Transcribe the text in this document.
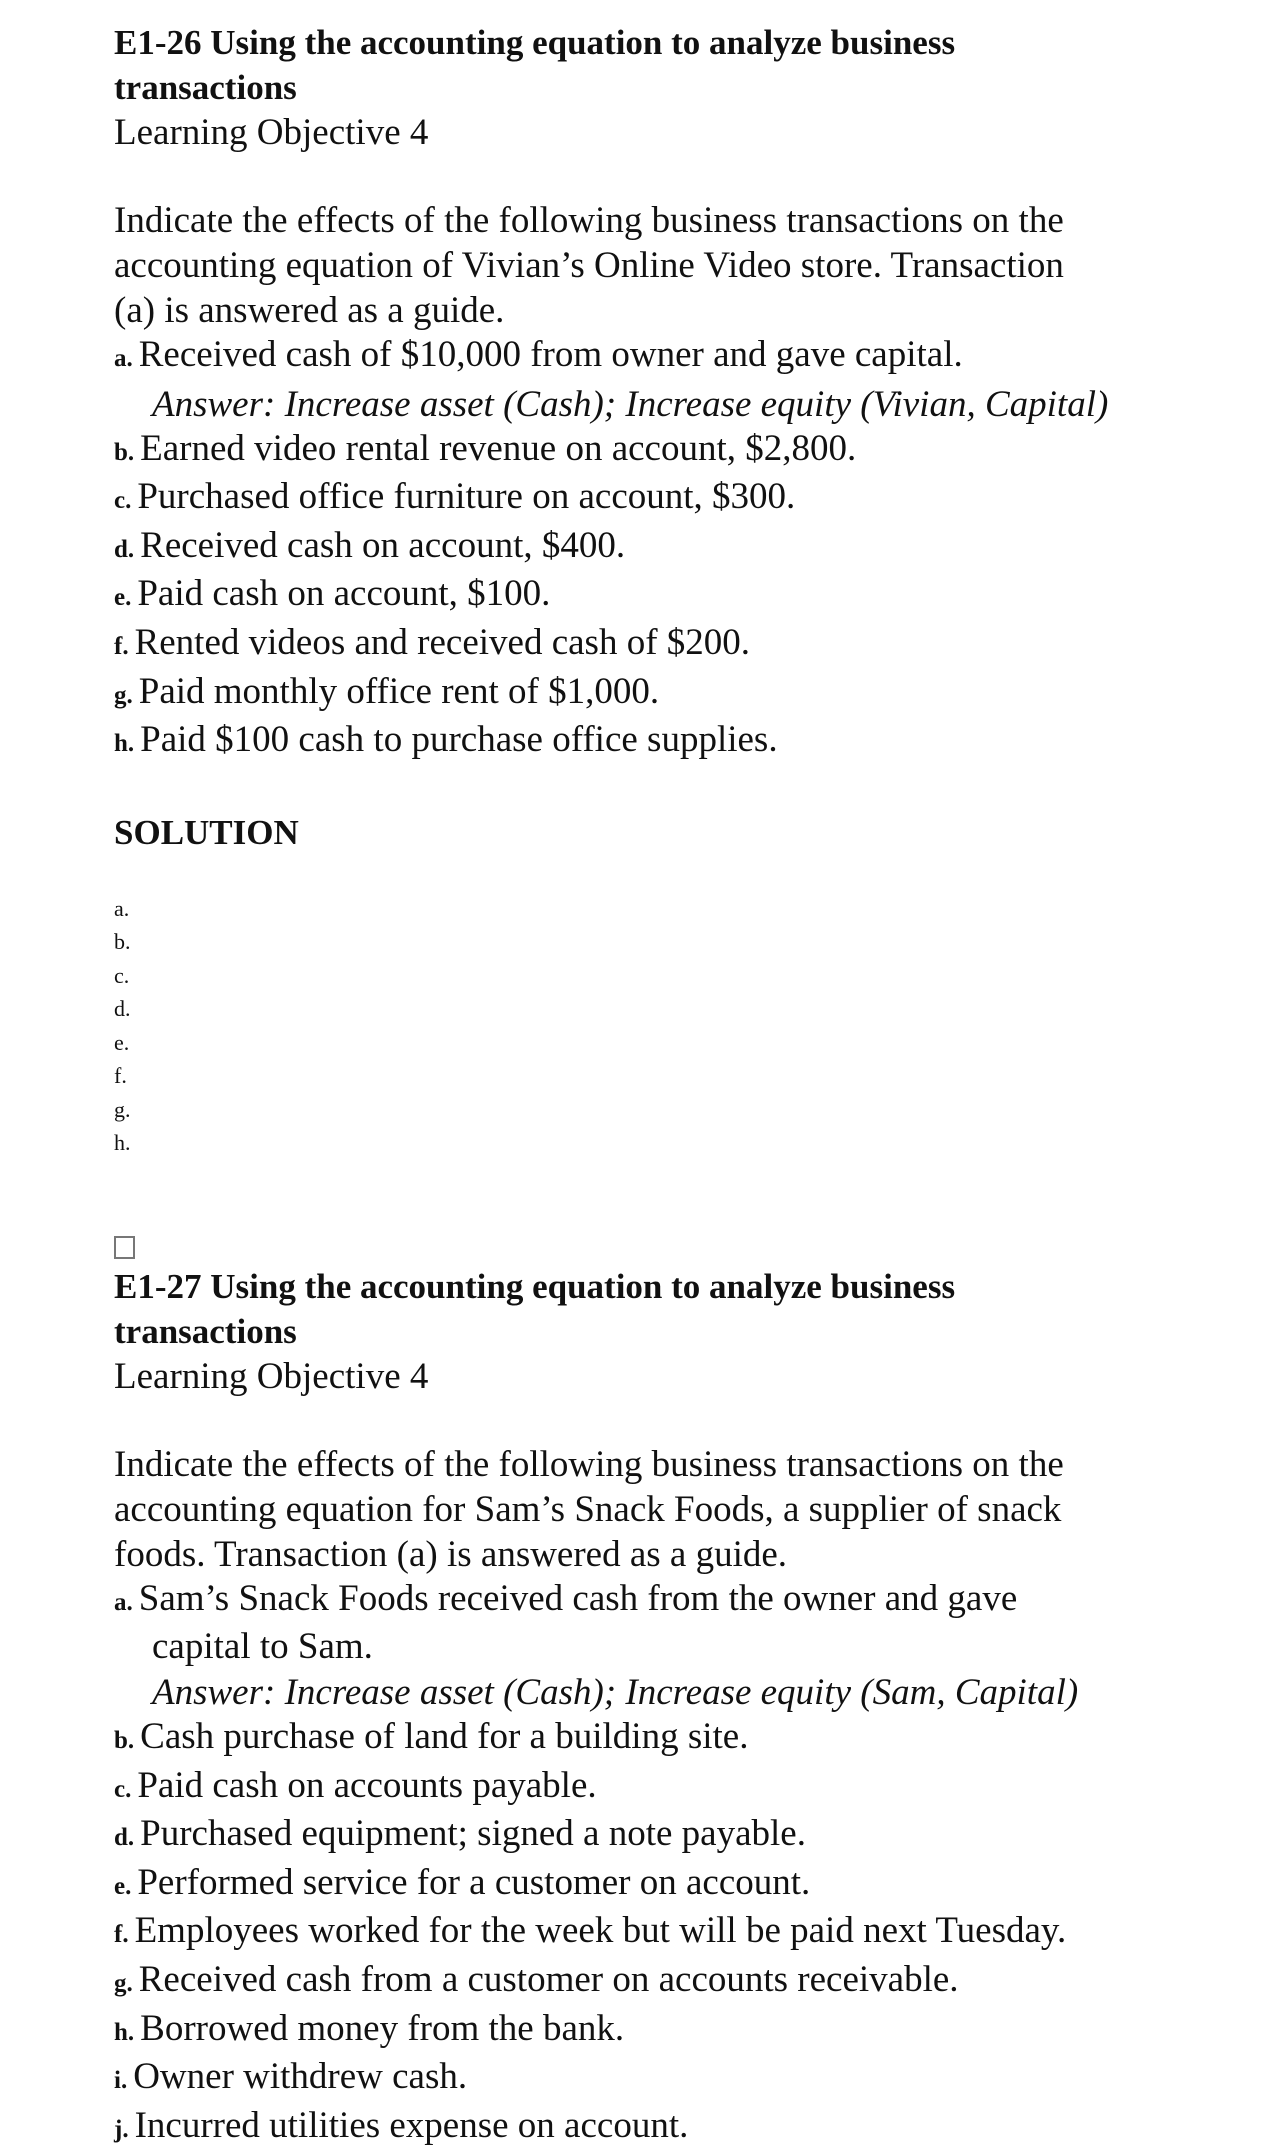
E1-26 Using the accounting equation to analyze business
transactions

Learning Objective 4

Indicate the effects of the following business transactions on the
accounting equation of Vivian’s Online Video store. Transaction
(a) is answered as a guide.

a. Received cash of $10,000 from owner and gave capital.
Answer: Increase asset (Cash); Increase equity (Vivian, Capital)
b. Earned video rental revenue on account, $2,800.
c. Purchased office furniture on account, $300.
d. Received cash on account, $400.
e. Paid cash on account, $100.
f. Rented videos and received cash of $200.
g. Paid monthly office rent of $1,000.
h. Paid $100 cash to purchase office supplies.

SOLUTION

a.
b.
c.
d.
e.
f.
g.
h.

E1-27 Using the accounting equation to analyze business
transactions

Learning Objective 4

Indicate the effects of the following business transactions on the
accounting equation for Sam’s Snack Foods, a supplier of snack
foods. Transaction (a) is answered as a guide.

a. Sam’s Snack Foods received cash from the owner and gave
capital to Sam.
Answer: Increase asset (Cash); Increase equity (Sam, Capital)
b. Cash purchase of land for a building site.
c. Paid cash on accounts payable.
d. Purchased equipment; signed a note payable.
e. Performed service for a customer on account.
f. Employees worked for the week but will be paid next Tuesday.
g. Received cash from a customer on accounts receivable.
h. Borrowed money from the bank.
i. Owner withdrew cash.
j. Incurred utilities expense on account.
